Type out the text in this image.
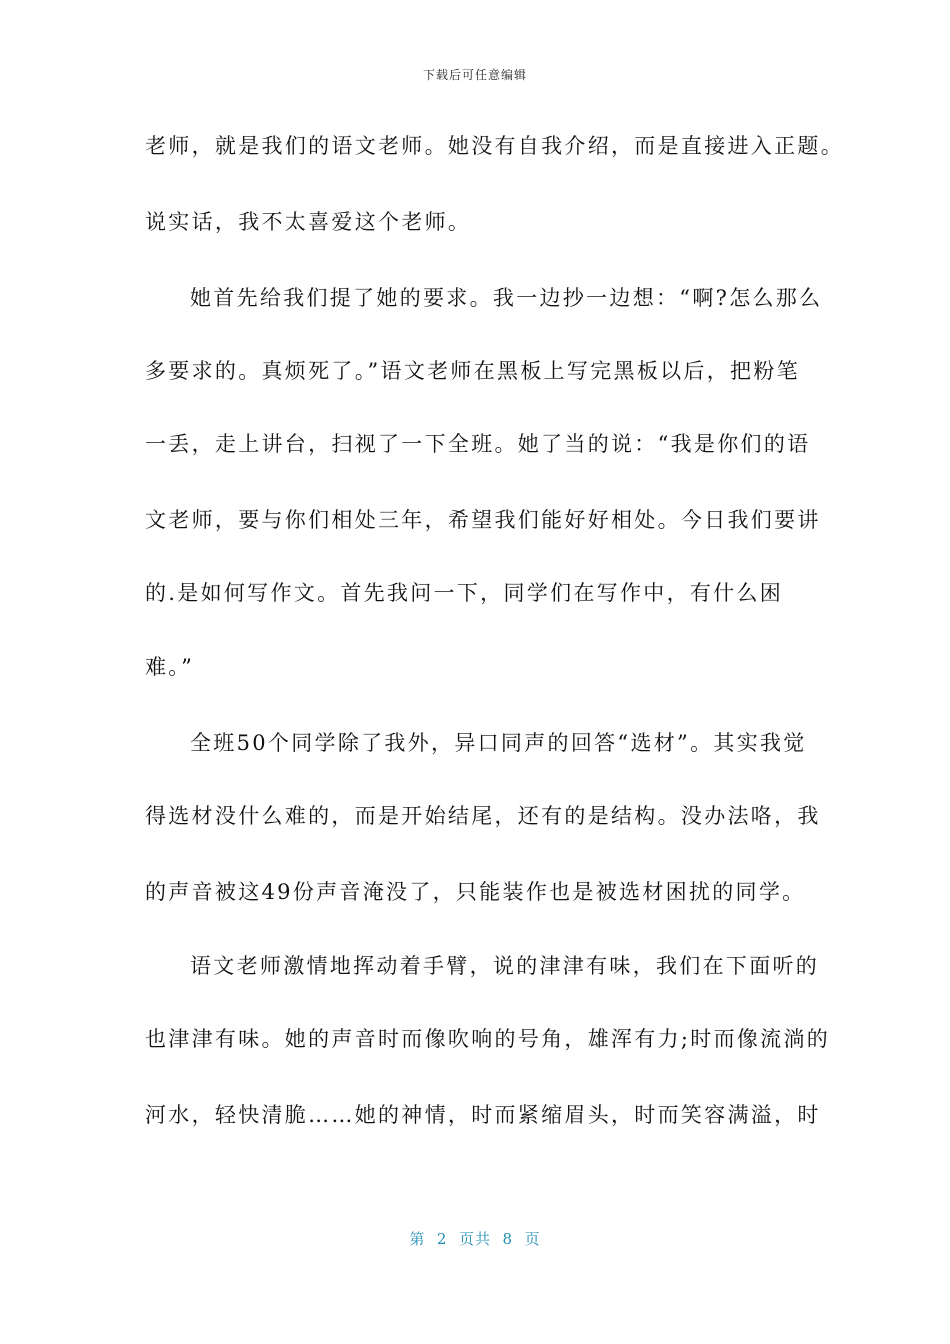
下载后可任意编辑
老师，就是我们的语文老师。她没有自我介绍，而是直接进入正题。
说实话，我不太喜爱这个老师。
她首先给我们提了她的要求。我一边抄一边想：“啊?怎么那么
多要求的。真烦死了。”语文老师在黑板上写完黑板以后，把粉笔
一丢，走上讲台，扫视了一下全班。她了当的说：“我是你们的语
文老师，要与你们相处三年，希望我们能好好相处。今日我们要讲
的.是如何写作文。首先我问一下，同学们在写作中，有什么困
难。”
全班50个同学除了我外，异口同声的回答“选材”。其实我觉
得选材没什么难的，而是开始结尾，还有的是结构。没办法咯，我
的声音被这49份声音淹没了，只能装作也是被选材困扰的同学。
语文老师激情地挥动着手臂，说的津津有味，我们在下面听的
也津津有味。她的声音时而像吹响的号角，雄浑有力;时而像流淌的
河水，轻快清脆……她的神情，时而紧缩眉头，时而笑容满溢，时
第  2  页共  8  页
